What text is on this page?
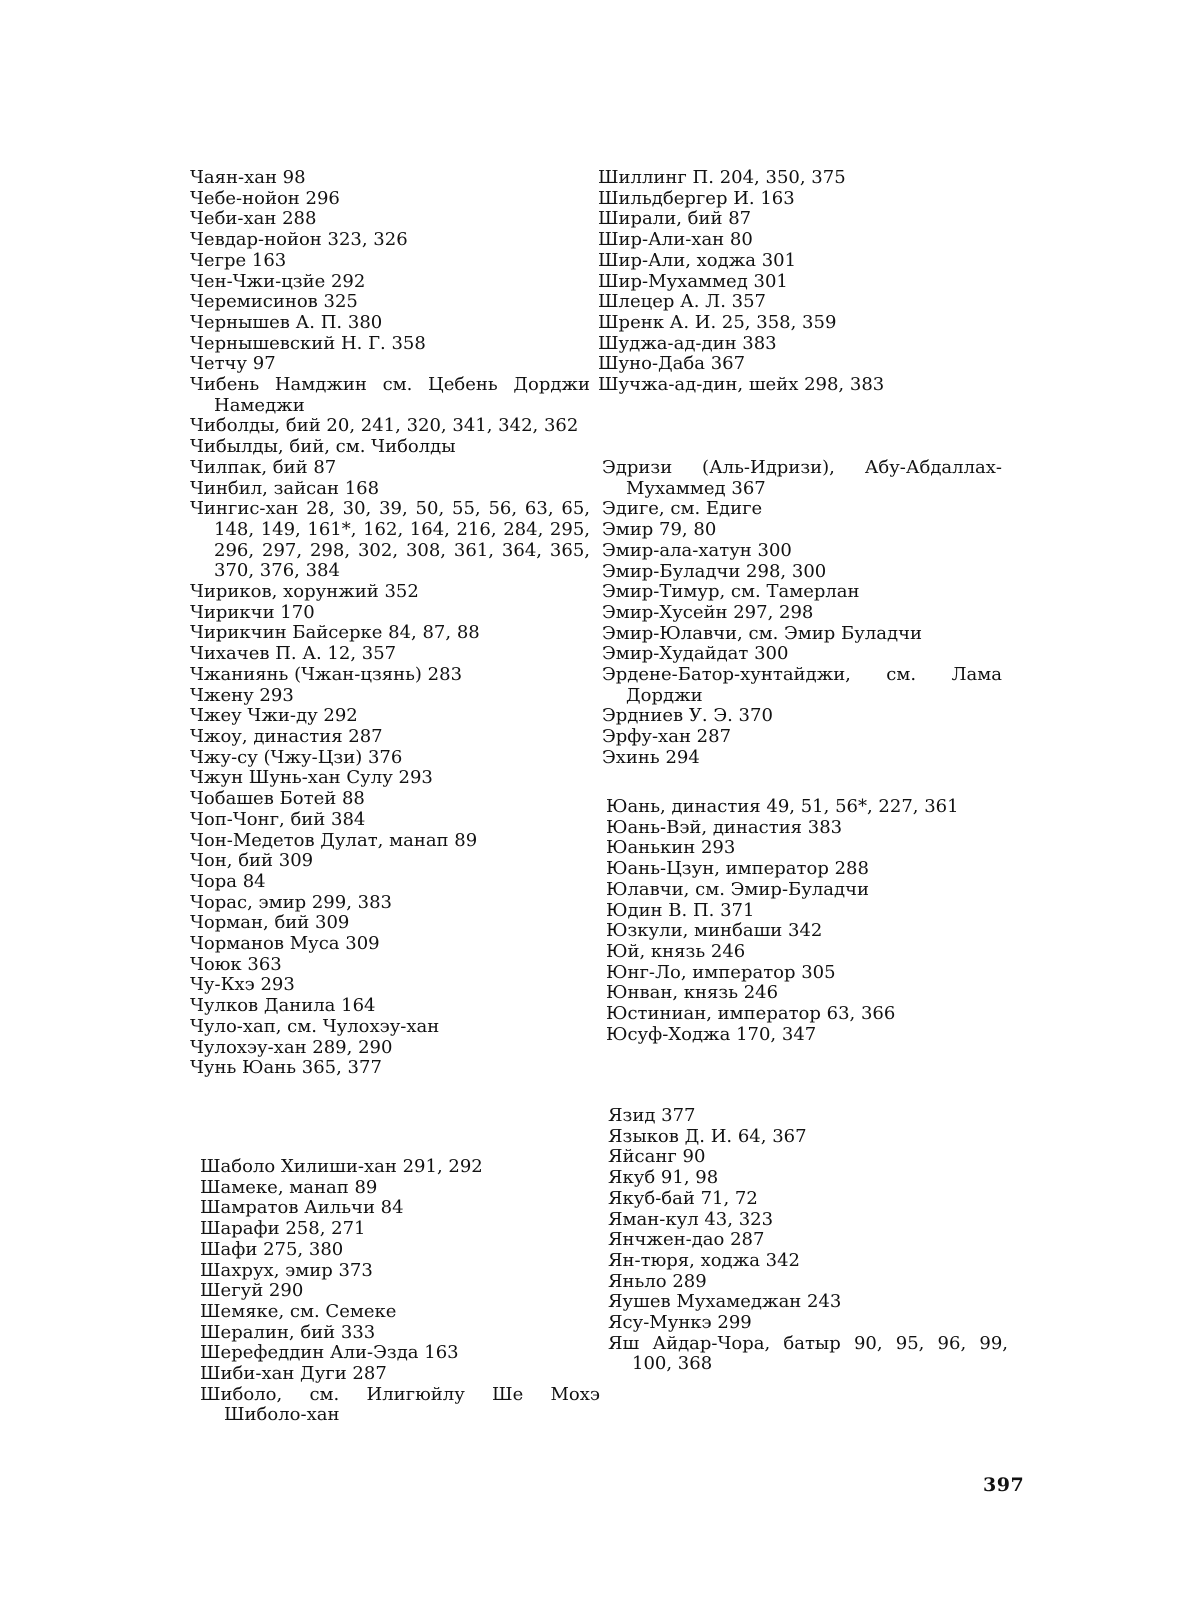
Чаян-хан 98
Чебе-нойон 296
Чеби-хан 288
Чевдар-нойон 323, 326
Чегре 163
Чен-Чжи-цзйе 292
Черемисинов 325
Чернышев А. П. 380
Чернышевский Н. Г. 358
Четчу 97
Чибень Намджин см. Цебень Дорджи Намеджи
Чиболды, бий 20, 241, 320, 341, 342, 362
Чибылды, бий, см. Чиболды
Чилпак, бий 87
Чинбил, зайсан 168
Чингис-хан 28, 30, 39, 50, 55, 56, 63, 65, 148, 149, 161*, 162, 164, 216, 284, 295, 296, 297, 298, 302, 308, 361, 364, 365, 370, 376, 384
Чириков, хорунжий 352
Чирикчи 170
Чирикчин Байсерке 84, 87, 88
Чихачев П. А. 12, 357
Чжаниянь (Чжан-цзянь) 283
Чжену 293
Чжеу Чжи-ду 292
Чжоу, династия 287
Чжу-су (Чжу-Цзи) 376
Чжун Шунь-хан Сулу 293
Чобашев Ботей 88
Чоп-Чонг, бий 384
Чон-Медетов Дулат, манап 89
Чон, бий 309
Чора 84
Чорас, эмир 299, 383
Чорман, бий 309
Чорманов Муса 309
Чоюк 363
Чу-Кхэ 293
Чулков Данила 164
Чуло-хап, см. Чулохэу-хан
Чулохэу-хан 289, 290
Чунь Юань 365, 377
Шаболо Хилиши-хан 291, 292
Шамеке, манап 89
Шамратов Аильчи 84
Шарафи 258, 271
Шафи 275, 380
Шахрух, эмир 373
Шегуй 290
Шемяке, см. Семеке
Шералин, бий 333
Шерефеддин Али-Эзда 163
Шиби-хан Дуги 287
Шиболо, см. Илигюйлу Ше Мохэ Шиболо-хан
Шиллинг П. 204, 350, 375
Шильдбергер И. 163
Ширали, бий 87
Шир-Али-хан 80
Шир-Али, ходжа 301
Шир-Мухаммед 301
Шлецер А. Л. 357
Шренк А. И. 25, 358, 359
Шуджа-ад-дин 383
Шуно-Даба 367
Шучжа-ад-дин, шейх 298, 383
Эдризи (Аль-Идризи), Абу-Абдаллах-Мухаммед 367
Эдиге, см. Едиге
Эмир 79, 80
Эмир-ала-хатун 300
Эмир-Буладчи 298, 300
Эмир-Тимур, см. Тамерлан
Эмир-Хусейн 297, 298
Эмир-Юлавчи, см. Эмир Буладчи
Эмир-Худайдат 300
Эрдене-Батор-хунтайджи, см. Лама Дорджи
Эрдниев У. Э. 370
Эрфу-хан 287
Эхинь 294
Юань, династия 49, 51, 56*, 227, 361
Юань-Вэй, династия 383
Юанькин 293
Юань-Цзун, император 288
Юлавчи, см. Эмир-Буладчи
Юдин В. П. 371
Юзкули, минбаши 342
Юй, князь 246
Юнг-Ло, император 305
Юнван, князь 246
Юстиниан, император 63, 366
Юсуф-Ходжа 170, 347
Язид 377
Языков Д. И. 64, 367
Яйсанг 90
Якуб 91, 98
Якуб-бай 71, 72
Яман-кул 43, 323
Янчжен-дао 287
Ян-тюря, ходжа 342
Яньло 289
Яушев Мухамеджан 243
Ясу-Мункэ 299
Яш Айдар-Чора, батыр 90, 95, 96, 99, 100, 368
397
